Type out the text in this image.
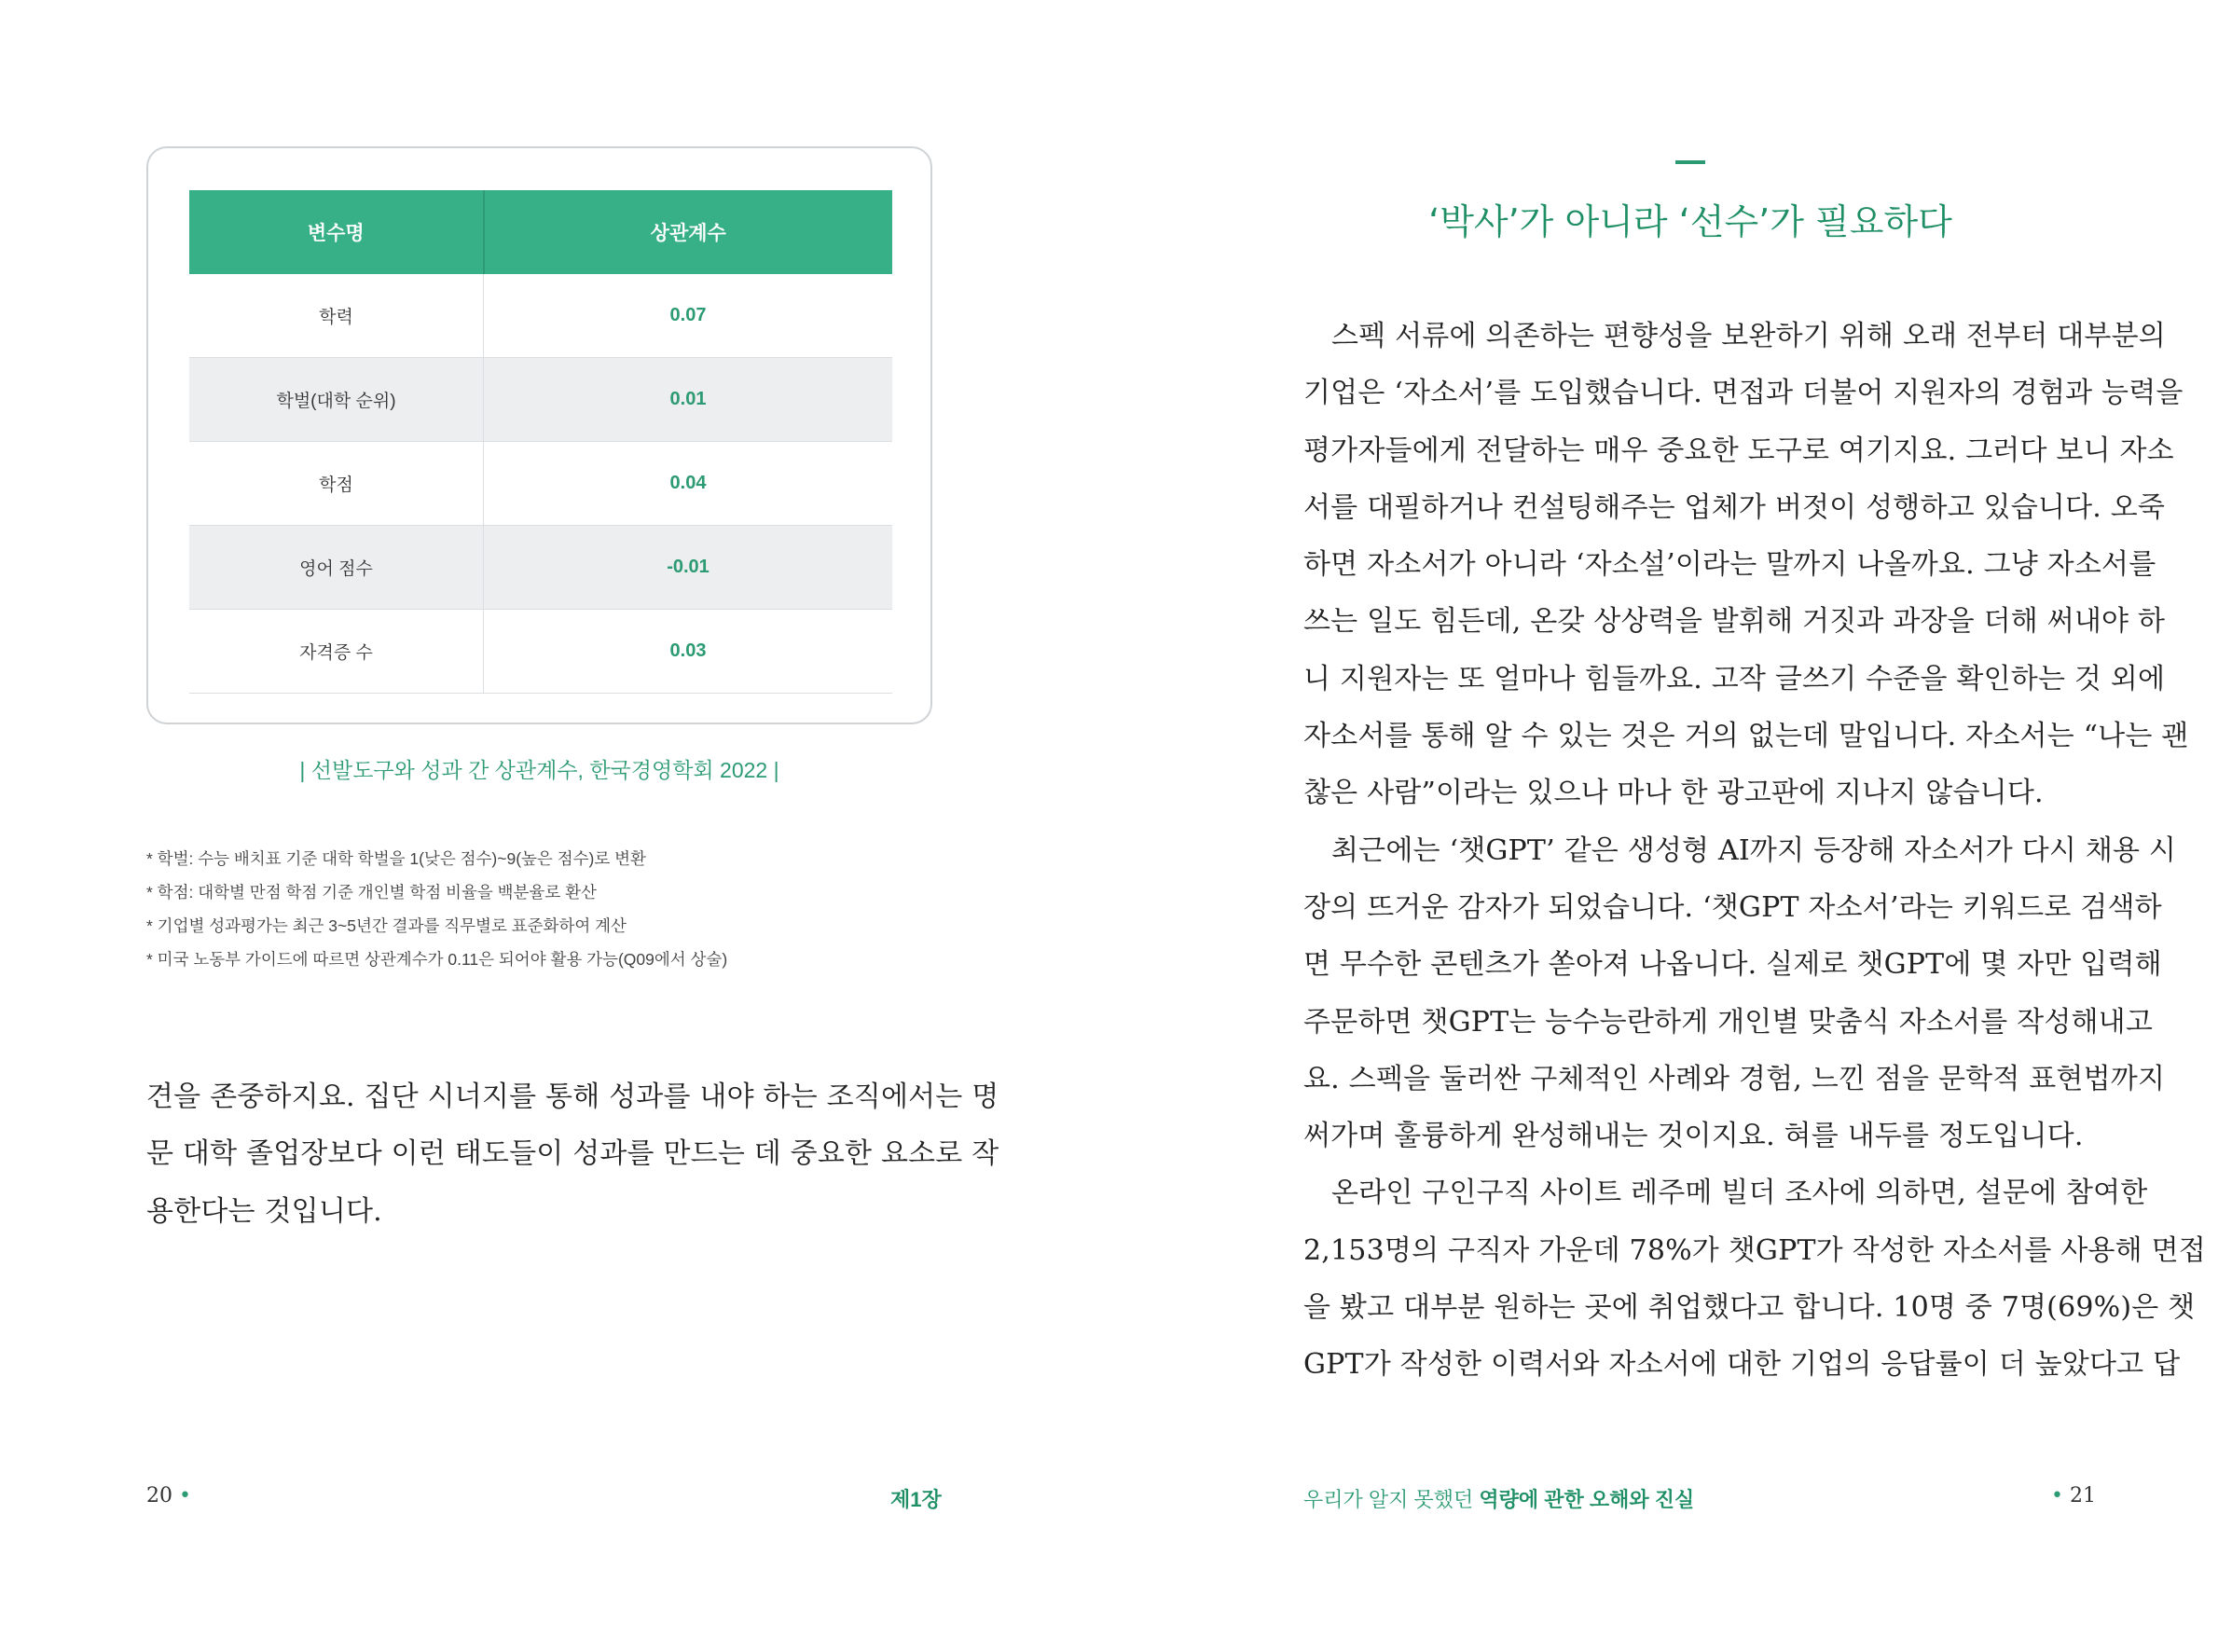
변수명	상관계수
학력	0.07
학벌(대학 순위)	0.01
학점	0.04
영어 점수	-0.01
자격증 수	0.03
| 선발도구와 성과 간 상관계수, 한국경영학회 2022 |
* 학벌: 수능 배치표 기준 대학 학벌을 1(낮은 점수)~9(높은 점수)로 변환
* 학점: 대학별 만점 학점 기준 개인별 학점 비율을 백분율로 환산
* 기업별 성과평가는 최근 3~5년간 결과를 직무별로 표준화하여 계산
* 미국 노동부 가이드에 따르면 상관계수가 0.11은 되어야 활용 가능(Q09에서 상술)
견을 존중하지요. 집단 시너지를 통해 성과를 내야 하는 조직에서는 명
문 대학 졸업장보다 이런 태도들이 성과를 만드는 데 중요한 요소로 작
용한다는 것입니다.
‘박사’가 아니라 ‘선수’가 필요하다
스펙 서류에 의존하는 편향성을 보완하기 위해 오래 전부터 대부분의
기업은 ‘자소서’를 도입했습니다. 면접과 더불어 지원자의 경험과 능력을
평가자들에게 전달하는 매우 중요한 도구로 여기지요. 그러다 보니 자소
서를 대필하거나 컨설팅해주는 업체가 버젓이 성행하고 있습니다. 오죽
하면 자소서가 아니라 ‘자소설’이라는 말까지 나올까요. 그냥 자소서를
쓰는 일도 힘든데, 온갖 상상력을 발휘해 거짓과 과장을 더해 써내야 하
니 지원자는 또 얼마나 힘들까요. 고작 글쓰기 수준을 확인하는 것 외에
자소서를 통해 알 수 있는 것은 거의 없는데 말입니다. 자소서는 “나는 괜
찮은 사람”이라는 있으나 마나 한 광고판에 지나지 않습니다.
최근에는 ‘챗GPT’ 같은 생성형 AI까지 등장해 자소서가 다시 채용 시
장의 뜨거운 감자가 되었습니다. ‘챗GPT 자소서’라는 키워드로 검색하
면 무수한 콘텐츠가 쏟아져 나옵니다. 실제로 챗GPT에 몇 자만 입력해
주문하면 챗GPT는 능수능란하게 개인별 맞춤식 자소서를 작성해내고
요. 스펙을 둘러싼 구체적인 사례와 경험, 느낀 점을 문학적 표현법까지
써가며 훌륭하게 완성해내는 것이지요. 혀를 내두를 정도입니다.
온라인 구인구직 사이트 레주메 빌더 조사에 의하면, 설문에 참여한
2,153명의 구직자 가운데 78%가 챗GPT가 작성한 자소서를 사용해 면접
을 봤고 대부분 원하는 곳에 취업했다고 합니다. 10명 중 7명(69%)은 챗
GPT가 작성한 이력서와 자소서에 대한 기업의 응답률이 더 높았다고 답
20 •	제1장	우리가 알지 못했던 역량에 관한 오해와 진실	• 21
